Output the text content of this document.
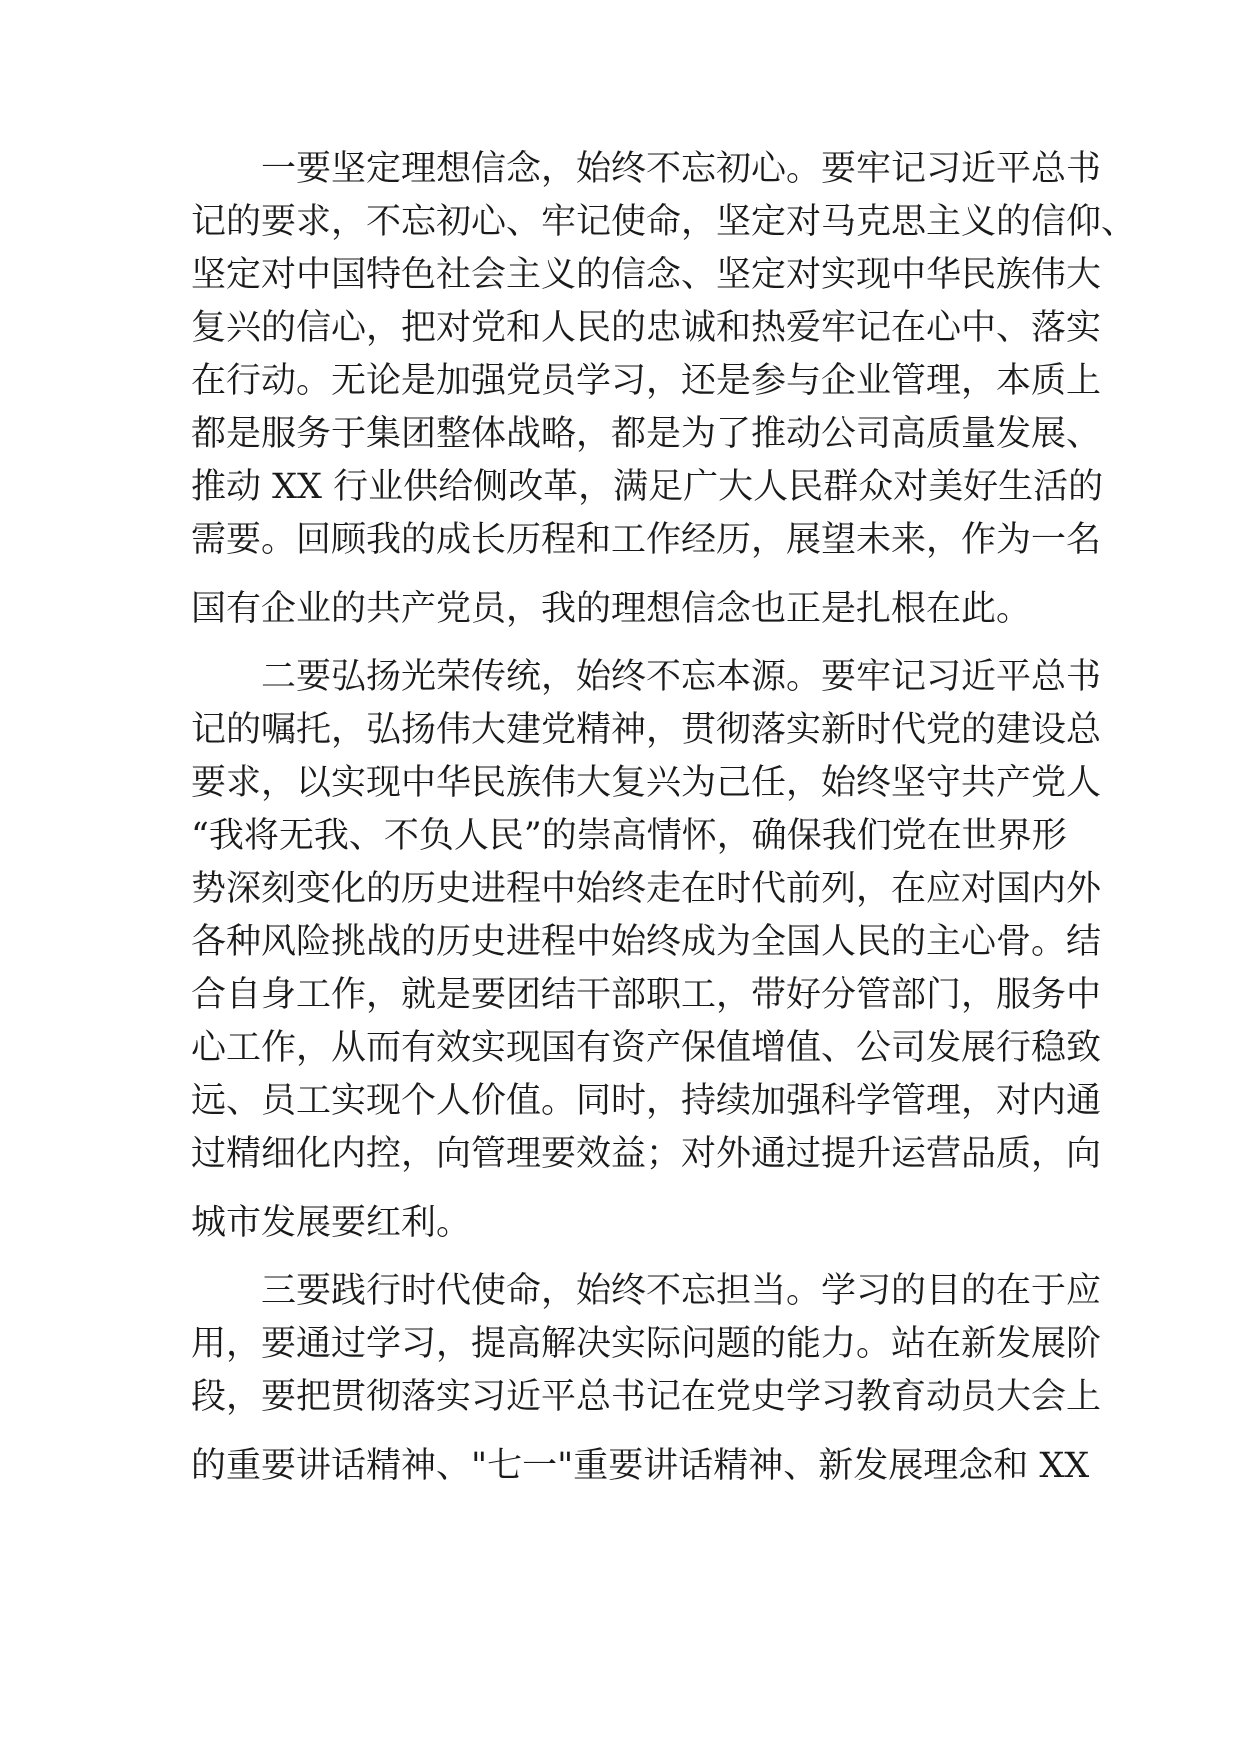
一要坚定理想信念，始终不忘初心。要牢记习近平总书
记的要求，不忘初心、牢记使命，坚定对马克思主义的信仰、
坚定对中国特色社会主义的信念、坚定对实现中华民族伟大
复兴的信心，把对党和人民的忠诚和热爱牢记在心中、落实
在行动。无论是加强党员学习，还是参与企业管理，本质上
都是服务于集团整体战略，都是为了推动公司高质量发展、
推动 XX 行业供给侧改革，满足广大人民群众对美好生活的
需要。回顾我的成长历程和工作经历，展望未来，作为一名
国有企业的共产党员，我的理想信念也正是扎根在此。
二要弘扬光荣传统，始终不忘本源。要牢记习近平总书
记的嘱托，弘扬伟大建党精神，贯彻落实新时代党的建设总
要求，以实现中华民族伟大复兴为己任，始终坚守共产党人
“我将无我、不负人民”的崇高情怀，确保我们党在世界形
势深刻变化的历史进程中始终走在时代前列，在应对国内外
各种风险挑战的历史进程中始终成为全国人民的主心骨。结
合自身工作，就是要团结干部职工，带好分管部门，服务中
心工作，从而有效实现国有资产保值增值、公司发展行稳致
远、员工实现个人价值。同时，持续加强科学管理，对内通
过精细化内控，向管理要效益；对外通过提升运营品质，向
城市发展要红利。
三要践行时代使命，始终不忘担当。学习的目的在于应
用，要通过学习，提高解决实际问题的能力。站在新发展阶
段，要把贯彻落实习近平总书记在党史学习教育动员大会上
的重要讲话精神、"七一"重要讲话精神、新发展理念和 XX
